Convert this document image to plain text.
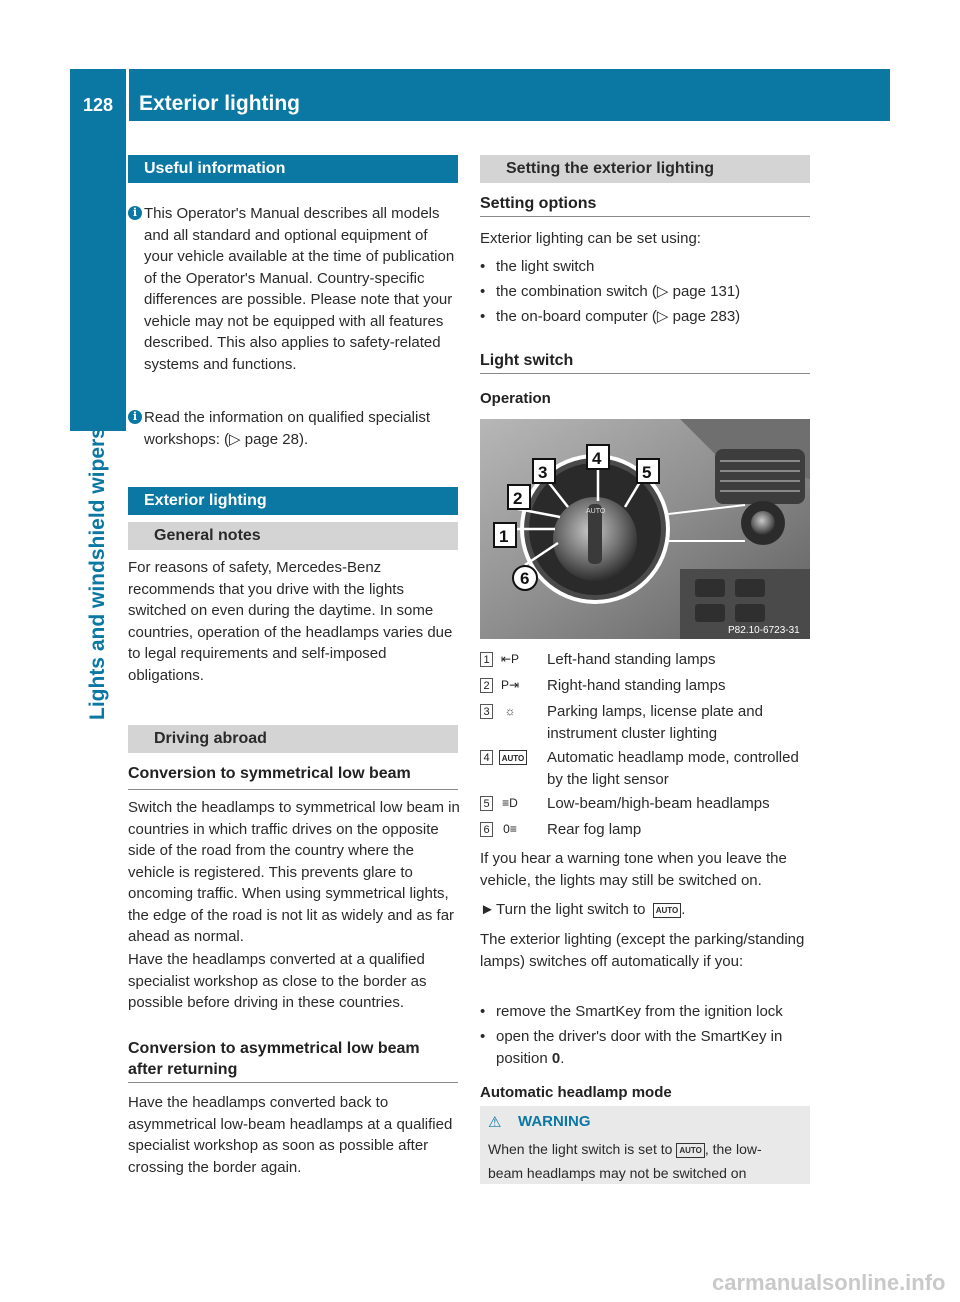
128	Exterior lighting
Lights and windshield wipers
Useful information
i This Operator's Manual describes all models and all standard and optional equipment of your vehicle available at the time of publication of the Operator's Manual. Country-specific differences are possible. Please note that your vehicle may not be equipped with all features described. This also applies to safety-related systems and functions.
i Read the information on qualified specialist workshops: (▷ page 28).
Exterior lighting
General notes
For reasons of safety, Mercedes-Benz recommends that you drive with the lights switched on even during the daytime. In some countries, operation of the headlamps varies due to legal requirements and self-imposed obligations.
Driving abroad
Conversion to symmetrical low beam
Switch the headlamps to symmetrical low beam in countries in which traffic drives on the opposite side of the road from the country where the vehicle is registered. This prevents glare to oncoming traffic. When using symmetrical lights, the edge of the road is not lit as widely and as far ahead as normal.
Have the headlamps converted at a qualified specialist workshop as close to the border as possible before driving in these countries.
Conversion to asymmetrical low beam after returning
Have the headlamps converted back to asymmetrical low-beam headlamps at a qualified specialist workshop as soon as possible after crossing the border again.
Setting the exterior lighting
Setting options
Exterior lighting can be set using:
• the light switch
• the combination switch (▷ page 131)
• the on-board computer (▷ page 283)
Light switch
Operation
AUTO
1
2
3
4
5
6
P82.10-6723-31
1 ⇤P Left-hand standing lamps
2 P⇥ Right-hand standing lamps
3	☼	Parking lamps, license plate and instrument cluster lighting
4	AUTO Automatic headlamp mode, controlled by the light sensor
5 ≡D Low-beam/high-beam headlamps
6	0≡ Rear fog lamp
If you hear a warning tone when you leave the vehicle, the lights may still be switched on.
► Turn the light switch to AUTO .
The exterior lighting (except the parking/standing lamps) switches off automatically if you:
• remove the SmartKey from the ignition lock
• open the driver's door with the SmartKey in position 0.
Automatic headlamp mode
⚠ WARNING
When the light switch is set to AUTO , the low-
beam headlamps may not be switched on
carmanualsonline.info
